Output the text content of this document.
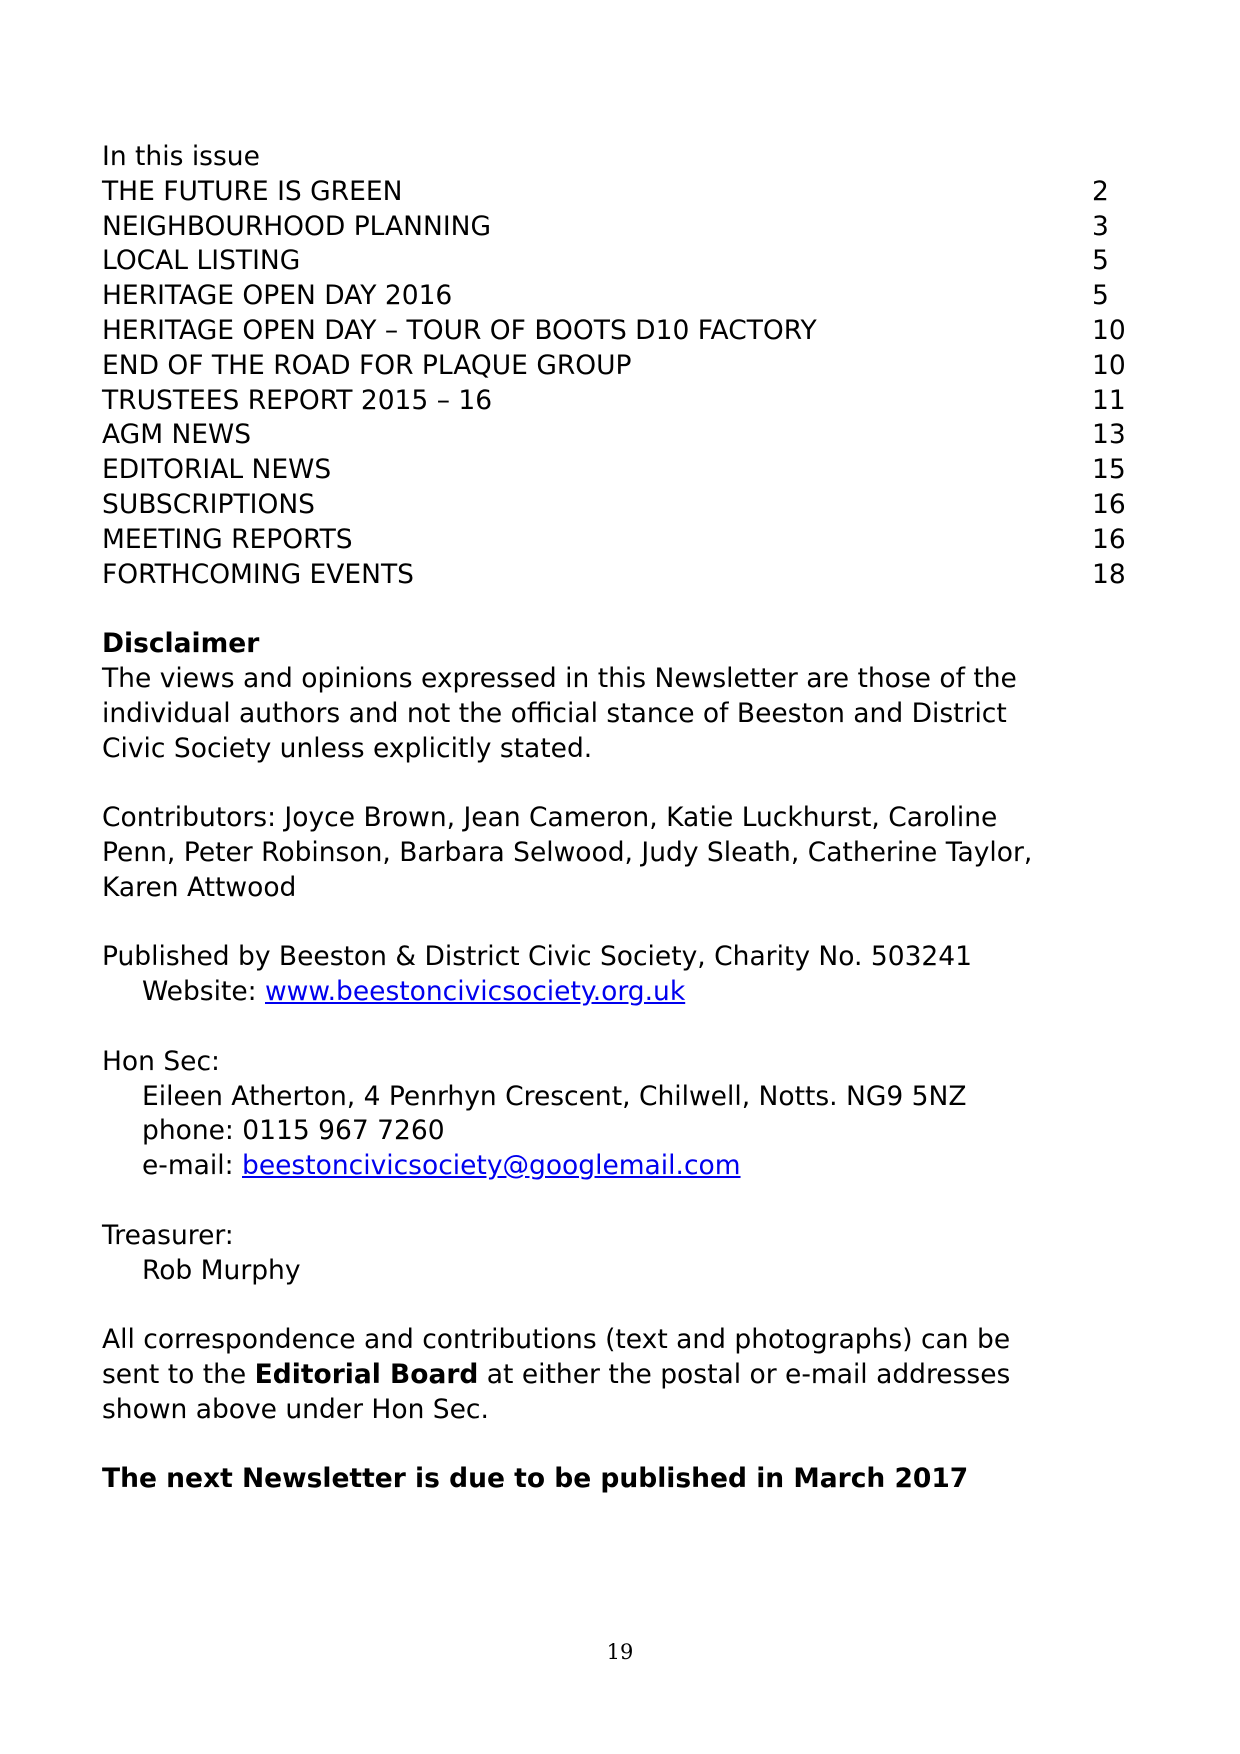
In this issue

THE FUTURE IS GREEN	2
NEIGHBOURHOOD PLANNING	3
LOCAL LISTING	5
HERITAGE OPEN DAY 2016	5
HERITAGE OPEN DAY – TOUR OF BOOTS D10 FACTORY	10
END OF THE ROAD FOR PLAQUE GROUP	10
TRUSTEES REPORT 2015 – 16	11
AGM NEWS	13
EDITORIAL NEWS	15
SUBSCRIPTIONS	16
MEETING REPORTS	16
FORTHCOMING EVENTS	18

Disclaimer

The views and opinions expressed in this Newsletter are those of the

individual authors and not the official stance of Beeston and District

Civic Society unless explicitly stated.

Contributors: Joyce Brown, Jean Cameron, Katie Luckhurst, Caroline

Penn, Peter Robinson, Barbara Selwood, Judy Sleath, Catherine Taylor,

Karen Attwood

Published by Beeston & District Civic Society, Charity No. 503241

Website: www.beestoncivicsociety.org.uk

Hon Sec:

Eileen Atherton, 4 Penrhyn Crescent, Chilwell, Notts. NG9 5NZ

phone: 0115 967 7260

e-mail: beestoncivicsociety@googlemail.com

Treasurer:

Rob Murphy

All correspondence and contributions (text and photographs) can be

sent to the Editorial Board at either the postal or e-mail addresses

shown above under Hon Sec.

The next Newsletter is due to be published in March 2017

19
